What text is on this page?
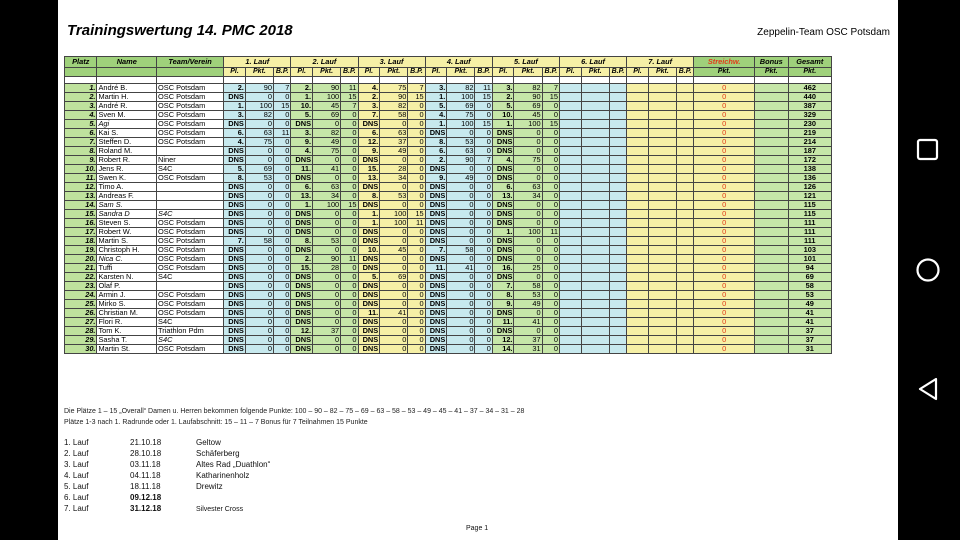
Trainingswertung 14. PMC 2018	Zeppelin-Team OSC Potsdam
Platz	Name	Team/Verein	1. Lauf			2. Lauf			3. Lauf			4. Lauf			5. Lauf			6. Lauf			7. Lauf			Streichw.	Bonus	Gesamt
			Pl.	Pkt.	B.P.	Pl.	Pkt.	B.P.	Pl.	Pkt.	B.P.	Pl.	Pkt.	B.P.	Pl.	Pkt.	B.P.	Pl.	Pkt.	B.P.	Pl.	Pkt.	B.P.	Pkt.	Pkt.	Pkt.

1.	André B.	OSC Potsdam	2.	90	7	2.	90	11	4.	75	7	3.	82	11	3.	82	7							0		462
2.	Martin H.	OSC Potsdam	DNS	0	0	1.	100	15	2.	90	15	1.	100	15	2.	90	15							0		440
3.	André R.	OSC Potsdam	1.	100	15	10.	45	7	3.	82	0	5.	69	0	5.	69	0							0		387
4.	Sven M.	OSC Potsdam	3.	82	0	5.	69	0	7.	58	0	4.	75	0	10.	45	0							0		329
5.	Agi	OSC Potsdam	DNS	0	0	DNS	0	0	DNS	0	0	1.	100	15	1.	100	15							0		230
6.	Kai S.	OSC Potsdam	6.	63	11	3.	82	0	6.	63	0	DNS	0	0	DNS	0	0							0		219
7.	Steffen D.	OSC Potsdam	4.	75	0	9.	49	0	12.	37	0	8.	53	0	DNS	0	0							0		214
8.	Roland M.		DNS	0	0	4.	75	0	9.	49	0	6.	63	0	DNS	0	0							0		187
9.	Robert R.	Niner	DNS	0	0	DNS	0	0	DNS	0	0	2.	90	7	4.	75	0							0		172
10.	Jens R.	S4C	5.	69	0	11.	41	0	15.	28	0	DNS	0	0	DNS	0	0							0		138
11.	Swen K.	OSC Potsdam	8.	53	0	DNS	0	0	13.	34	0	9.	49	0	DNS	0	0							0		136
12.	Timo A.		DNS	0	0	6.	63	0	DNS	0	0	DNS	0	0	6.	63	0							0		126
13.	Andreas F.		DNS	0	0	13.	34	0	8.	53	0	DNS	0	0	13.	34	0							0		121
14.	Sam S.		DNS	0	0	1.	100	15	DNS	0	0	DNS	0	0	DNS	0	0							0		115
15.	Sandra D	S4C	DNS	0	0	DNS	0	0	1.	100	15	DNS	0	0	DNS	0	0							0		115
16.	Steven S.	OSC Potsdam	DNS	0	0	DNS	0	0	1.	100	11	DNS	0	0	DNS	0	0							0		111
17.	Robert W.	OSC Potsdam	DNS	0	0	DNS	0	0	DNS	0	0	DNS	0	0	1.	100	11							0		111
18.	Martin S.	OSC Potsdam	7.	58	0	8.	53	0	DNS	0	0	DNS	0	0	DNS	0	0							0		111
19.	Christoph H.	OSC Potsdam	DNS	0	0	DNS	0	0	10.	45	0	7.	58	0	DNS	0	0							0		103
20.	Nica C.	OSC Potsdam	DNS	0	0	2.	90	11	DNS	0	0	DNS	0	0	DNS	0	0							0		101
21.	Tuffi	OSC Potsdam	DNS	0	0	15.	28	0	DNS	0	0	11.	41	0	16.	25	0							0		94
22.	Karsten N.	S4C	DNS	0	0	DNS	0	0	5.	69	0	DNS	0	0	DNS	0	0							0		69
23.	Olaf P.		DNS	0	0	DNS	0	0	DNS	0	0	DNS	0	0	7.	58	0							0		58
24.	Armin J.	OSC Potsdam	DNS	0	0	DNS	0	0	DNS	0	0	DNS	0	0	8.	53	0							0		53
25.	Mirko S.	OSC Potsdam	DNS	0	0	DNS	0	0	DNS	0	0	DNS	0	0	9.	49	0							0		49
26.	Christian M.	OSC Potsdam	DNS	0	0	DNS	0	0	11.	41	0	DNS	0	0	DNS	0	0							0		41
27.	Flori R.	S4C	DNS	0	0	DNS	0	0	DNS	0	0	DNS	0	0	11.	41	0							0		41
28.	Tom K.	Triathlon Pdm	DNS	0	0	12.	37	0	DNS	0	0	DNS	0	0	DNS	0	0							0		37
29.	Sasha T.	S4C	DNS	0	0	DNS	0	0	DNS	0	0	DNS	0	0	12.	37	0							0		37
30.	Martin St.	OSC Potsdam	DNS	0	0	DNS	0	0	DNS	0	0	DNS	0	0	14.	31	0							0		31
Die Plätze 1 – 15 „Overall“ Damen u. Herren bekommen folgende Punkte: 100 – 90 – 82 – 75 – 69 – 63 – 58 – 53 – 49 – 45 – 41 – 37 – 34 – 31 – 28
Plätze 1-3 nach 1. Radrunde oder 1. Laufabschnitt: 15 – 11 – 7 Bonus für 7 Teilnahmen 15 Punkte
1. Lauf	21.10.18	Geltow
2. Lauf	28.10.18	Schäferberg
3. Lauf	03.11.18	Altes Rad „Duathlon“
4. Lauf	04.11.18	Katharinenholz
5. Lauf	18.11.18	Drewitz
6. Lauf	09.12.18
7. Lauf	31.12.18	Silvester Cross
Page 1
